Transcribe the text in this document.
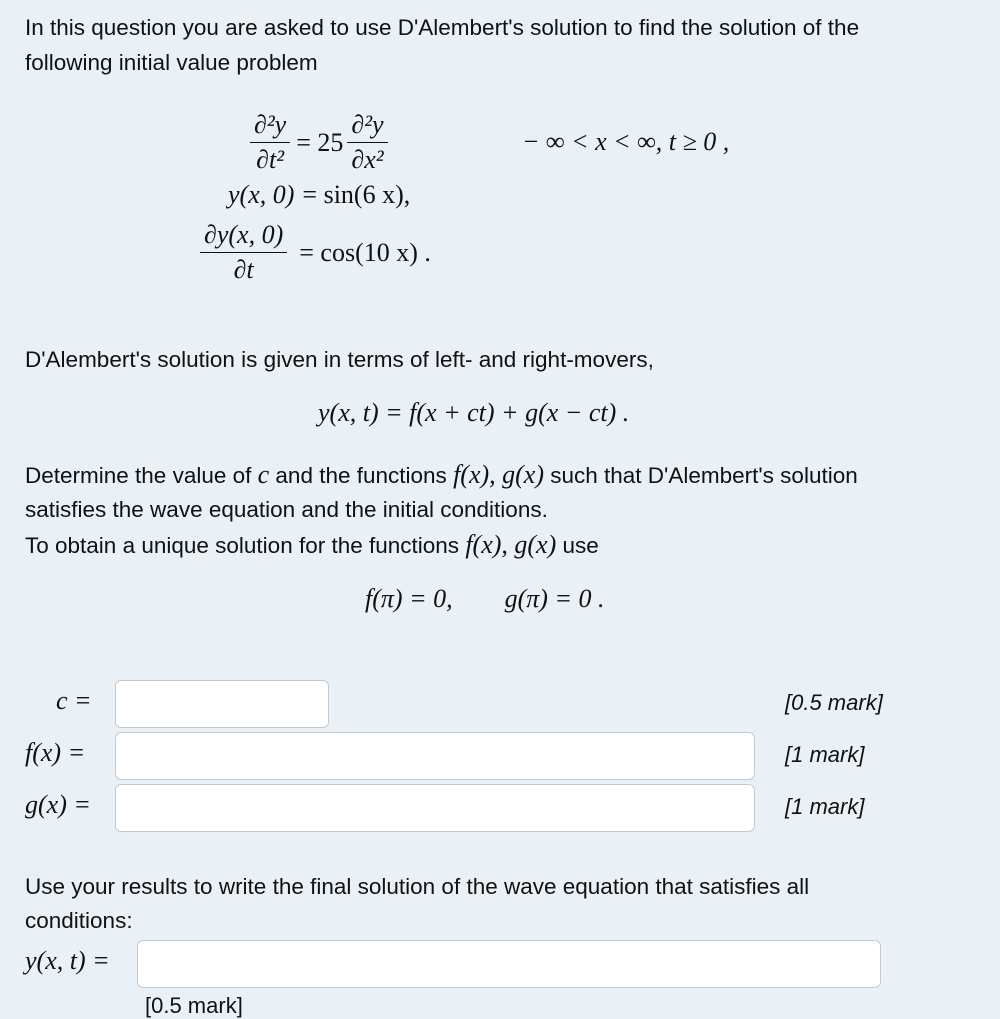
In this question you are asked to use D'Alembert's solution to find the solution of the

following initial value problem

$\frac{\text{∂²y}}{\text{∂t²}} = 25 \frac{\text{∂²y}}{\text{∂x²}}$	− ∞ < x < ∞, t ≥ 0 ,
y(x, 0) = sin(6 x),
$\frac{\partial y(x, 0)}{\partial t} = \cos(10$ x) .

D'Alembert's solution is given in terms of left- and right-movers,

y(x, t) = f(x + ct) + g(x − ct) .

Determine the value of c and the functions f(x), g(x) such that D'Alembert's solution

satisfies the wave equation and the initial conditions.

To obtain a unique solution for the functions f(x), g(x) use

f(π) = 0,        g(π) = 0 .
c =	[0.5 mark]
f(x) =	[1 mark]
g(x) =	[1 mark]

Use your results to write the final solution of the wave equation that satisfies all

conditions:

y(x, t) =
[0.5 mark]
